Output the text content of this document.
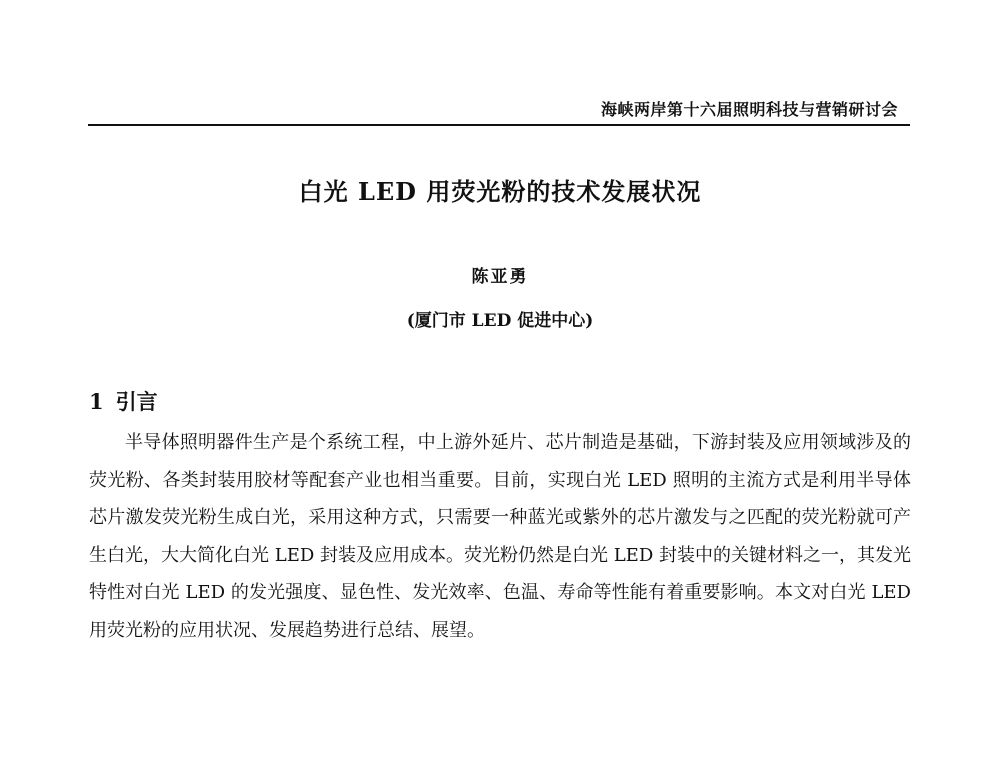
海峡两岸第十六届照明科技与营销研讨会
白光 LED 用荧光粉的技术发展状况
陈亚勇
(厦门市 LED 促进中心)
1 引言

半导体照明器件生产是个系统工程，中上游外延片、芯片制造是基础，下游封装及应用领域涉及的荧光粉、各类封装用胶材等配套产业也相当重要。目前，实现白光 LED 照明的主流方式是利用半导体芯片激发荧光粉生成白光，采用这种方式，只需要一种蓝光或紫外的芯片激发与之匹配的荧光粉就可产生白光，大大简化白光 LED 封装及应用成本。荧光粉仍然是白光 LED 封装中的关键材料之一，其发光特性对白光 LED 的发光强度、显色性、发光效率、色温、寿命等性能有着重要影响。本文对白光 LED 用荧光粉的应用状况、发展趋势进行总结、展望。
